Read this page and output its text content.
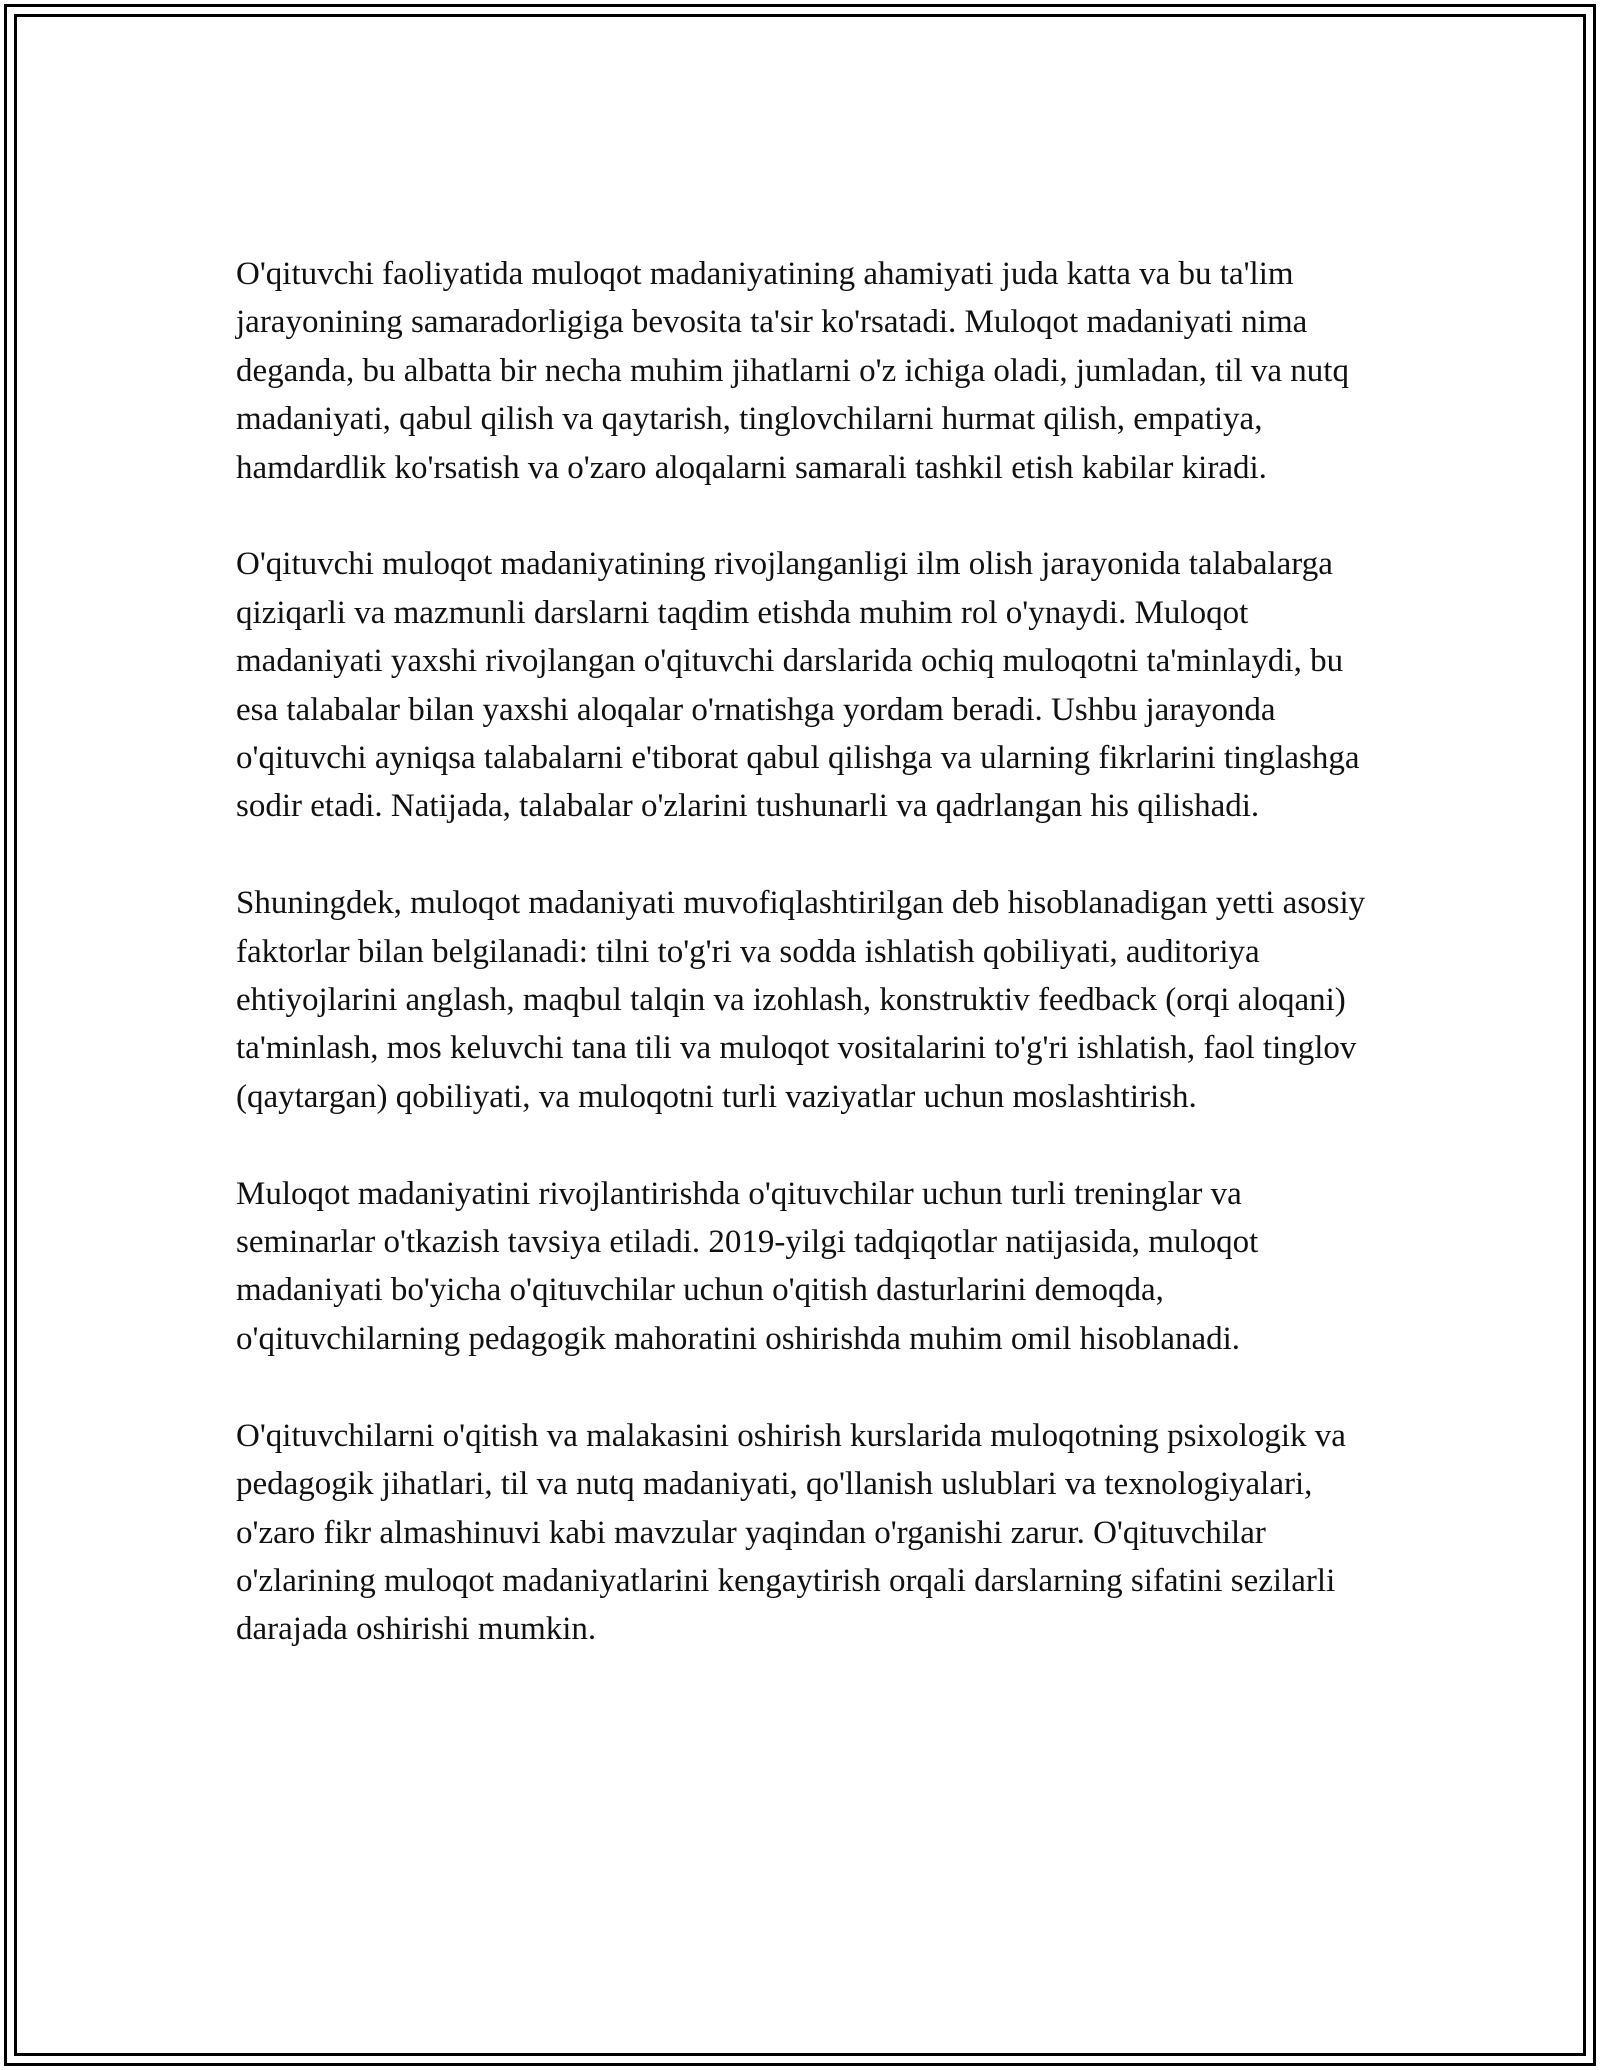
O'qituvchi faoliyatida muloqot madaniyatining ahamiyati juda katta va bu ta'lim jarayonining samaradorligiga bevosita ta'sir ko'rsatadi. Muloqot madaniyati nima deganda, bu albatta bir necha muhim jihatlarni o'z ichiga oladi, jumladan, til va nutq madaniyati, qabul qilish va qaytarish, tinglovchilarni hurmat qilish, empatiya, hamdardlik ko'rsatish va o'zaro aloqalarni samarali tashkil etish kabilar kiradi.

O'qituvchi muloqot madaniyatining rivojlanganligi ilm olish jarayonida talabalarga qiziqarli va mazmunli darslarni taqdim etishda muhim rol o'ynaydi. Muloqot madaniyati yaxshi rivojlangan o'qituvchi darslarida ochiq muloqotni ta'minlaydi, bu esa talabalar bilan yaxshi aloqalar o'rnatishga yordam beradi. Ushbu jarayonda o'qituvchi ayniqsa talabalarni e'tiborat qabul qilishga va ularning fikrlarini tinglashga sodir etadi. Natijada, talabalar o'zlarini tushunarli va qadrlangan his qilishadi.

Shuningdek, muloqot madaniyati muvofiqlashtirilgan deb hisoblanadigan yetti asosiy faktorlar bilan belgilanadi: tilni to'g'ri va sodda ishlatish qobiliyati, auditoriya ehtiyojlarini anglash, maqbul talqin va izohlash, konstruktiv feedback (orqi aloqani) ta'minlash, mos keluvchi tana tili va muloqot vositalarini to'g'ri ishlatish, faol tinglov (qaytargan) qobiliyati, va muloqotni turli vaziyatlar uchun moslashtirish.

Muloqot madaniyatini rivojlantirishda o'qituvchilar uchun turli treninglar va seminarlar o'tkazish tavsiya etiladi. 2019-yilgi tadqiqotlar natijasida, muloqot madaniyati bo'yicha o'qituvchilar uchun o'qitish dasturlarini demoqda, o'qituvchilarning pedagogik mahoratini oshirishda muhim omil hisoblanadi.

O'qituvchilarni o'qitish va malakasini oshirish kurslarida muloqotning psixologik va pedagogik jihatlari, til va nutq madaniyati, qo'llanish uslublari va texnologiyalari, o'zaro fikr almashinuvi kabi mavzular yaqindan o'rganishi zarur. O'qituvchilar o'zlarining muloqot madaniyatlarini kengaytirish orqali darslarning sifatini sezilarli darajada oshirishi mumkin.
